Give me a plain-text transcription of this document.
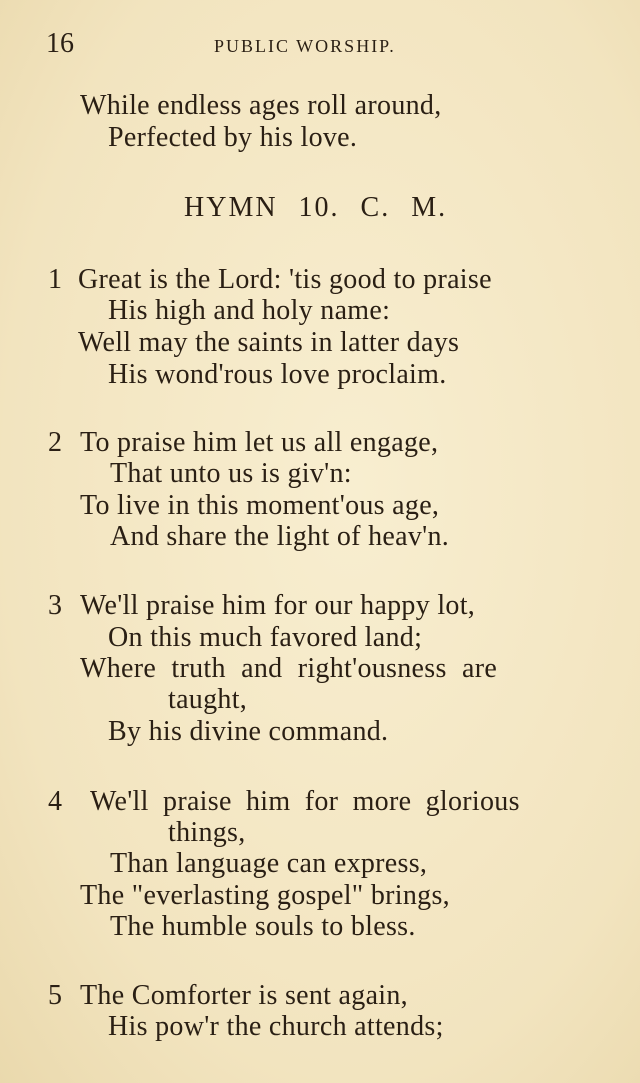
16	PUBLIC WORSHIP.
While endless ages roll around,
Perfected by his love.
HYMN 10. C. M.
1 Great is the Lord: 'tis good to praise
His high and holy name:
Well may the saints in latter days
His wond'rous love proclaim.
2 To praise him let us all engage,
That unto us is giv'n:
To live in this moment'ous age,
And share the light of heav'n.
3 We'll praise him for our happy lot,
On this much favored land;
Where truth and right'ousness are
taught,
By his divine command.
4 We'll praise him for more glorious
things,
Than language can express,
The "everlasting gospel" brings,
The humble souls to bless.
5 The Comforter is sent again,
His pow'r the church attends;
